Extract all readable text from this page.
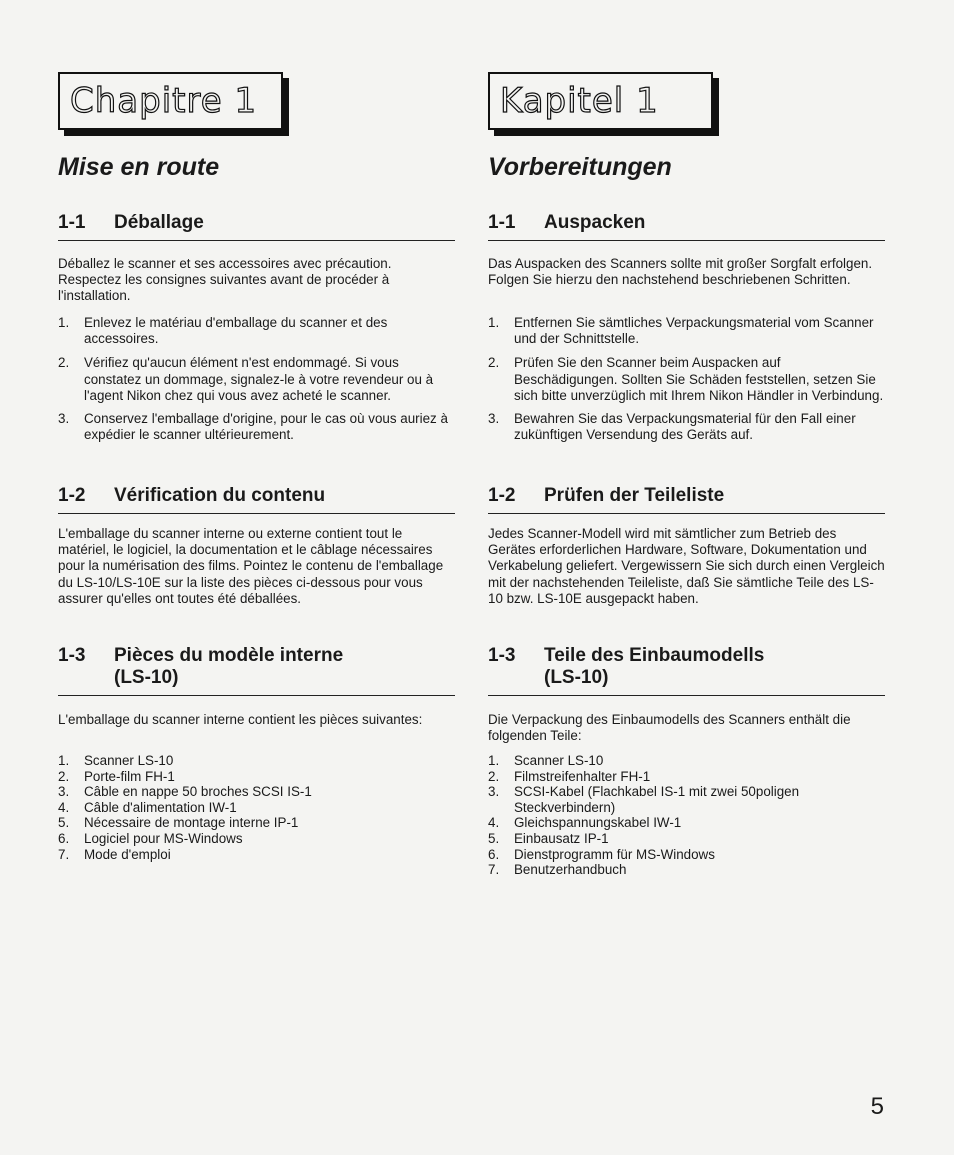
Chapitre 1
Mise en route
1-1	Déballage

Déballez le scanner et ses accessoires avec précaution. Respectez les consignes suivantes avant de procéder à l'installation.

1.	Enlevez le matériau d'emballage du scanner et des accessoires.
2.	Vérifiez qu'aucun élément n'est endommagé. Si vous constatez un dommage, signalez-le à votre revendeur ou à l'agent Nikon chez qui vous avez acheté le scanner.
3.	Conservez l'emballage d'origine, pour le cas où vous auriez à expédier le scanner ultérieurement.
1-2	Vérification du contenu

L'emballage du scanner interne ou externe contient tout le matériel, le logiciel, la documentation et le câblage nécessaires pour la numérisation des films. Pointez le contenu de l'emballage du LS-10/LS-10E sur la liste des pièces ci-dessous pour vous assurer qu'elles ont toutes été déballées.

1-3	Pièces du modèle interne (LS-10)

L'emballage du scanner interne contient les pièces suivantes:

1.	Scanner LS-10
2.	Porte-film FH-1
3.	Câble en nappe 50 broches SCSI IS-1
4.	Câble d'alimentation IW-1
5.	Nécessaire de montage interne IP-1
6.	Logiciel pour MS-Windows
7.	Mode d'emploi
Kapitel 1
Vorbereitungen
1-1	Auspacken

Das Auspacken des Scanners sollte mit großer Sorgfalt erfolgen. Folgen Sie hierzu den nachstehend beschriebenen Schritten.

1.	Entfernen Sie sämtliches Verpackungsmaterial vom Scanner und der Schnittstelle.
2.	Prüfen Sie den Scanner beim Auspacken auf Beschädigungen. Sollten Sie Schäden feststellen, setzen Sie sich bitte unverzüglich mit Ihrem Nikon Händler in Verbindung.
3.	Bewahren Sie das Verpackungsmaterial für den Fall einer zukünftigen Versendung des Geräts auf.
1-2	Prüfen der Teileliste

Jedes Scanner-Modell wird mit sämtlicher zum Betrieb des Gerätes erforderlichen Hardware, Software, Dokumentation und Verkabelung geliefert. Vergewissern Sie sich durch einen Vergleich mit der nachstehenden Teileliste, daß Sie sämtliche Teile des LS-10 bzw. LS-10E ausgepackt haben.

1-3	Teile des Einbaumodells (LS-10)

Die Verpackung des Einbaumodells des Scanners enthält die folgenden Teile:

1.	Scanner LS-10
2.	Filmstreifenhalter FH-1
3.	SCSI-Kabel (Flachkabel IS-1 mit zwei 50poligen Steckverbindern)
4.	Gleichspannungskabel IW-1
5.	Einbausatz IP-1
6.	Dienstprogramm für MS-Windows
7.	Benutzerhandbuch
5
